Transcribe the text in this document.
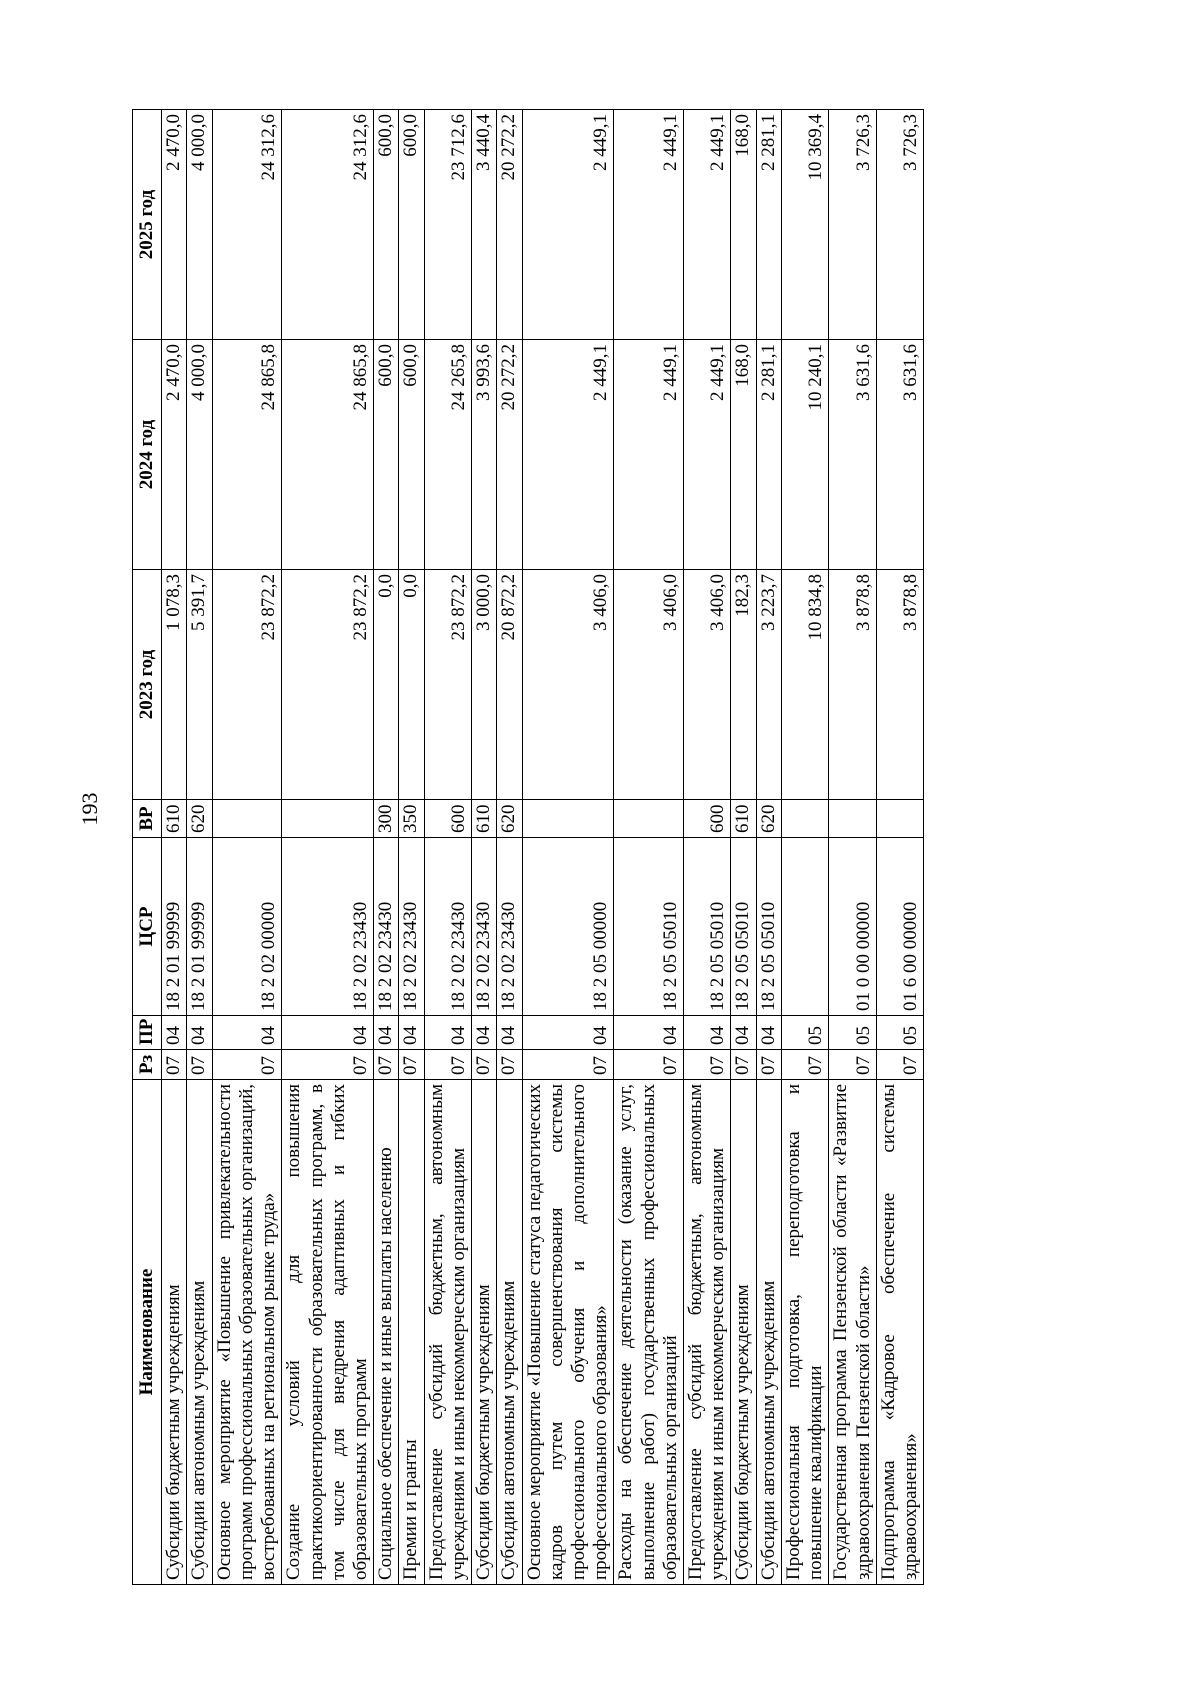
193
Наименование	Рз	ПР	ЦСР	ВР	2023 год	2024 год	2025 год
Субсидии бюджетным учреждениям	07	04	18 2 01 99999	610	1 078,3	2 470,0	2 470,0
Субсидии автономным учреждениям	07	04	18 2 01 99999	620	5 391,7	4 000,0	4 000,0
Основное мероприятие «Повышение привлекательности программ профессиональных образовательных организаций, востребованных на региональном рынке труда»	07	04	18 2 02 00000		23 872,2	24 865,8	24 312,6
Создание условий для повышения практикоориентированности образовательных программ, в том числе для внедрения адаптивных и гибких образовательных программ	07	04	18 2 02 23430		23 872,2	24 865,8	24 312,6
Социальное обеспечение и иные выплаты населению	07	04	18 2 02 23430	300	0,0	600,0	600,0
Премии и гранты	07	04	18 2 02 23430	350	0,0	600,0	600,0
Предоставление субсидий бюджетным, автономным учреждениям и иным некоммерческим организациям	07	04	18 2 02 23430	600	23 872,2	24 265,8	23 712,6
Субсидии бюджетным учреждениям	07	04	18 2 02 23430	610	3 000,0	3 993,6	3 440,4
Субсидии автономным учреждениям	07	04	18 2 02 23430	620	20 872,2	20 272,2	20 272,2
Основное мероприятие «Повышение статуса педагогических кадров путем совершенствования системы профессионального обучения и дополнительного профессионального образования»	07	04	18 2 05 00000		3 406,0	2 449,1	2 449,1
Расходы на обеспечение деятельности (оказание услуг, выполнение работ) государственных профессиональных образовательных организаций	07	04	18 2 05 05010		3 406,0	2 449,1	2 449,1
Предоставление субсидий бюджетным, автономным учреждениям и иным некоммерческим организациям	07	04	18 2 05 05010	600	3 406,0	2 449,1	2 449,1
Субсидии бюджетным учреждениям	07	04	18 2 05 05010	610	182,3	168,0	168,0
Субсидии автономным учреждениям	07	04	18 2 05 05010	620	3 223,7	2 281,1	2 281,1
Профессиональная подготовка, переподготовка и повышение квалификации	07	05			10 834,8	10 240,1	10 369,4
Государственная программа Пензенской области «Развитие здравоохранения Пензенской области»	07	05	01 0 00 00000		3 878,8	3 631,6	3 726,3
Подпрограмма «Кадровое обеспечение системы здравоохранения»	07	05	01 6 00 00000		3 878,8	3 631,6	3 726,3
